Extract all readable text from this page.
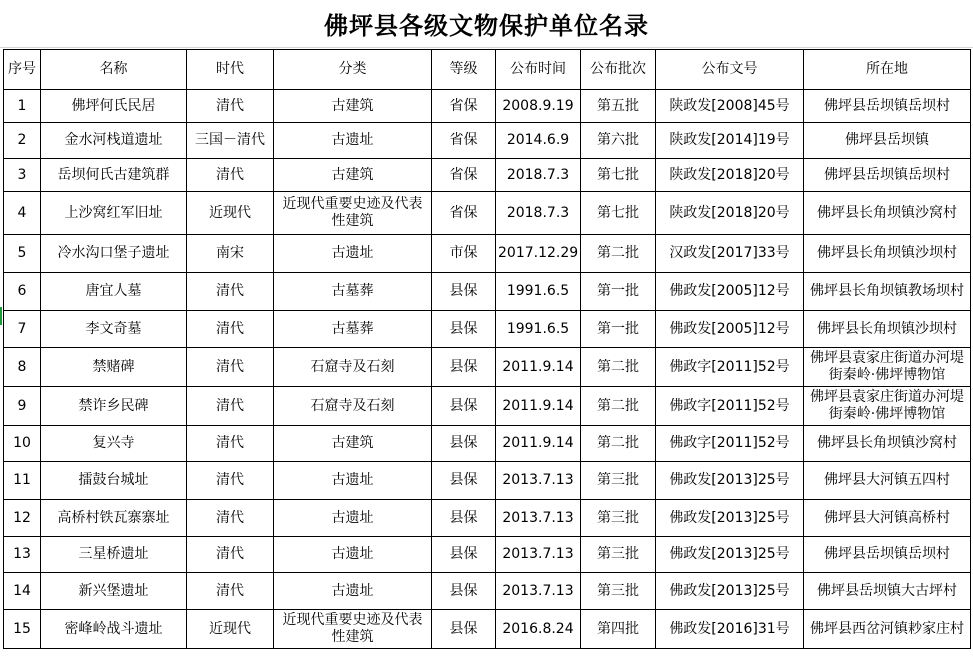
佛坪县各级文物保护单位名录
序号	名称	时代	分类	等级	公布时间	公布批次	公布文号	所在地
1	佛坪何氏民居	清代	古建筑	省保	2008.9.19	第五批	陕政发[2008]45号	佛坪县岳坝镇岳坝村
2	金水河栈道遗址	三国－清代	古遗址	省保	2014.6.9	第六批	陕政发[2014]19号	佛坪县岳坝镇
3	岳坝何氏古建筑群	清代	古建筑	省保	2018.7.3	第七批	陕政发[2018]20号	佛坪县岳坝镇岳坝村
4	上沙窝红军旧址	近现代	近现代重要史迹及代表性建筑	省保	2018.7.3	第七批	陕政发[2018]20号	佛坪县长角坝镇沙窝村
5	冷水沟口堡子遗址	南宋	古遗址	市保	2017.12.29	第二批	汉政发[2017]33号	佛坪县长角坝镇沙坝村
6	唐宜人墓	清代	古墓葬	县保	1991.6.5	第一批	佛政发[2005]12号	佛坪县长角坝镇教场坝村
7	李文奇墓	清代	古墓葬	县保	1991.6.5	第一批	佛政发[2005]12号	佛坪县长角坝镇沙坝村
8	禁赌碑	清代	石窟寺及石刻	县保	2011.9.14	第二批	佛政字[2011]52号	佛坪县袁家庄街道办河堤街秦岭·佛坪博物馆
9	禁诈乡民碑	清代	石窟寺及石刻	县保	2011.9.14	第二批	佛政字[2011]52号	佛坪县袁家庄街道办河堤街秦岭·佛坪博物馆
10	复兴寺	清代	古建筑	县保	2011.9.14	第二批	佛政字[2011]52号	佛坪县长角坝镇沙窝村
11	擂鼓台城址	清代	古遗址	县保	2013.7.13	第三批	佛政发[2013]25号	佛坪县大河镇五四村
12	高桥村铁瓦寨寨址	清代	古遗址	县保	2013.7.13	第三批	佛政发[2013]25号	佛坪县大河镇高桥村
13	三星桥遗址	清代	古遗址	县保	2013.7.13	第三批	佛政发[2013]25号	佛坪县岳坝镇岳坝村
14	新兴堡遗址	清代	古遗址	县保	2013.7.13	第三批	佛政发[2013]25号	佛坪县岳坝镇大古坪村
15	密峰岭战斗遗址	近现代	近现代重要史迹及代表性建筑	县保	2016.8.24	第四批	佛政发[2016]31号	佛坪县西岔河镇耖家庄村
